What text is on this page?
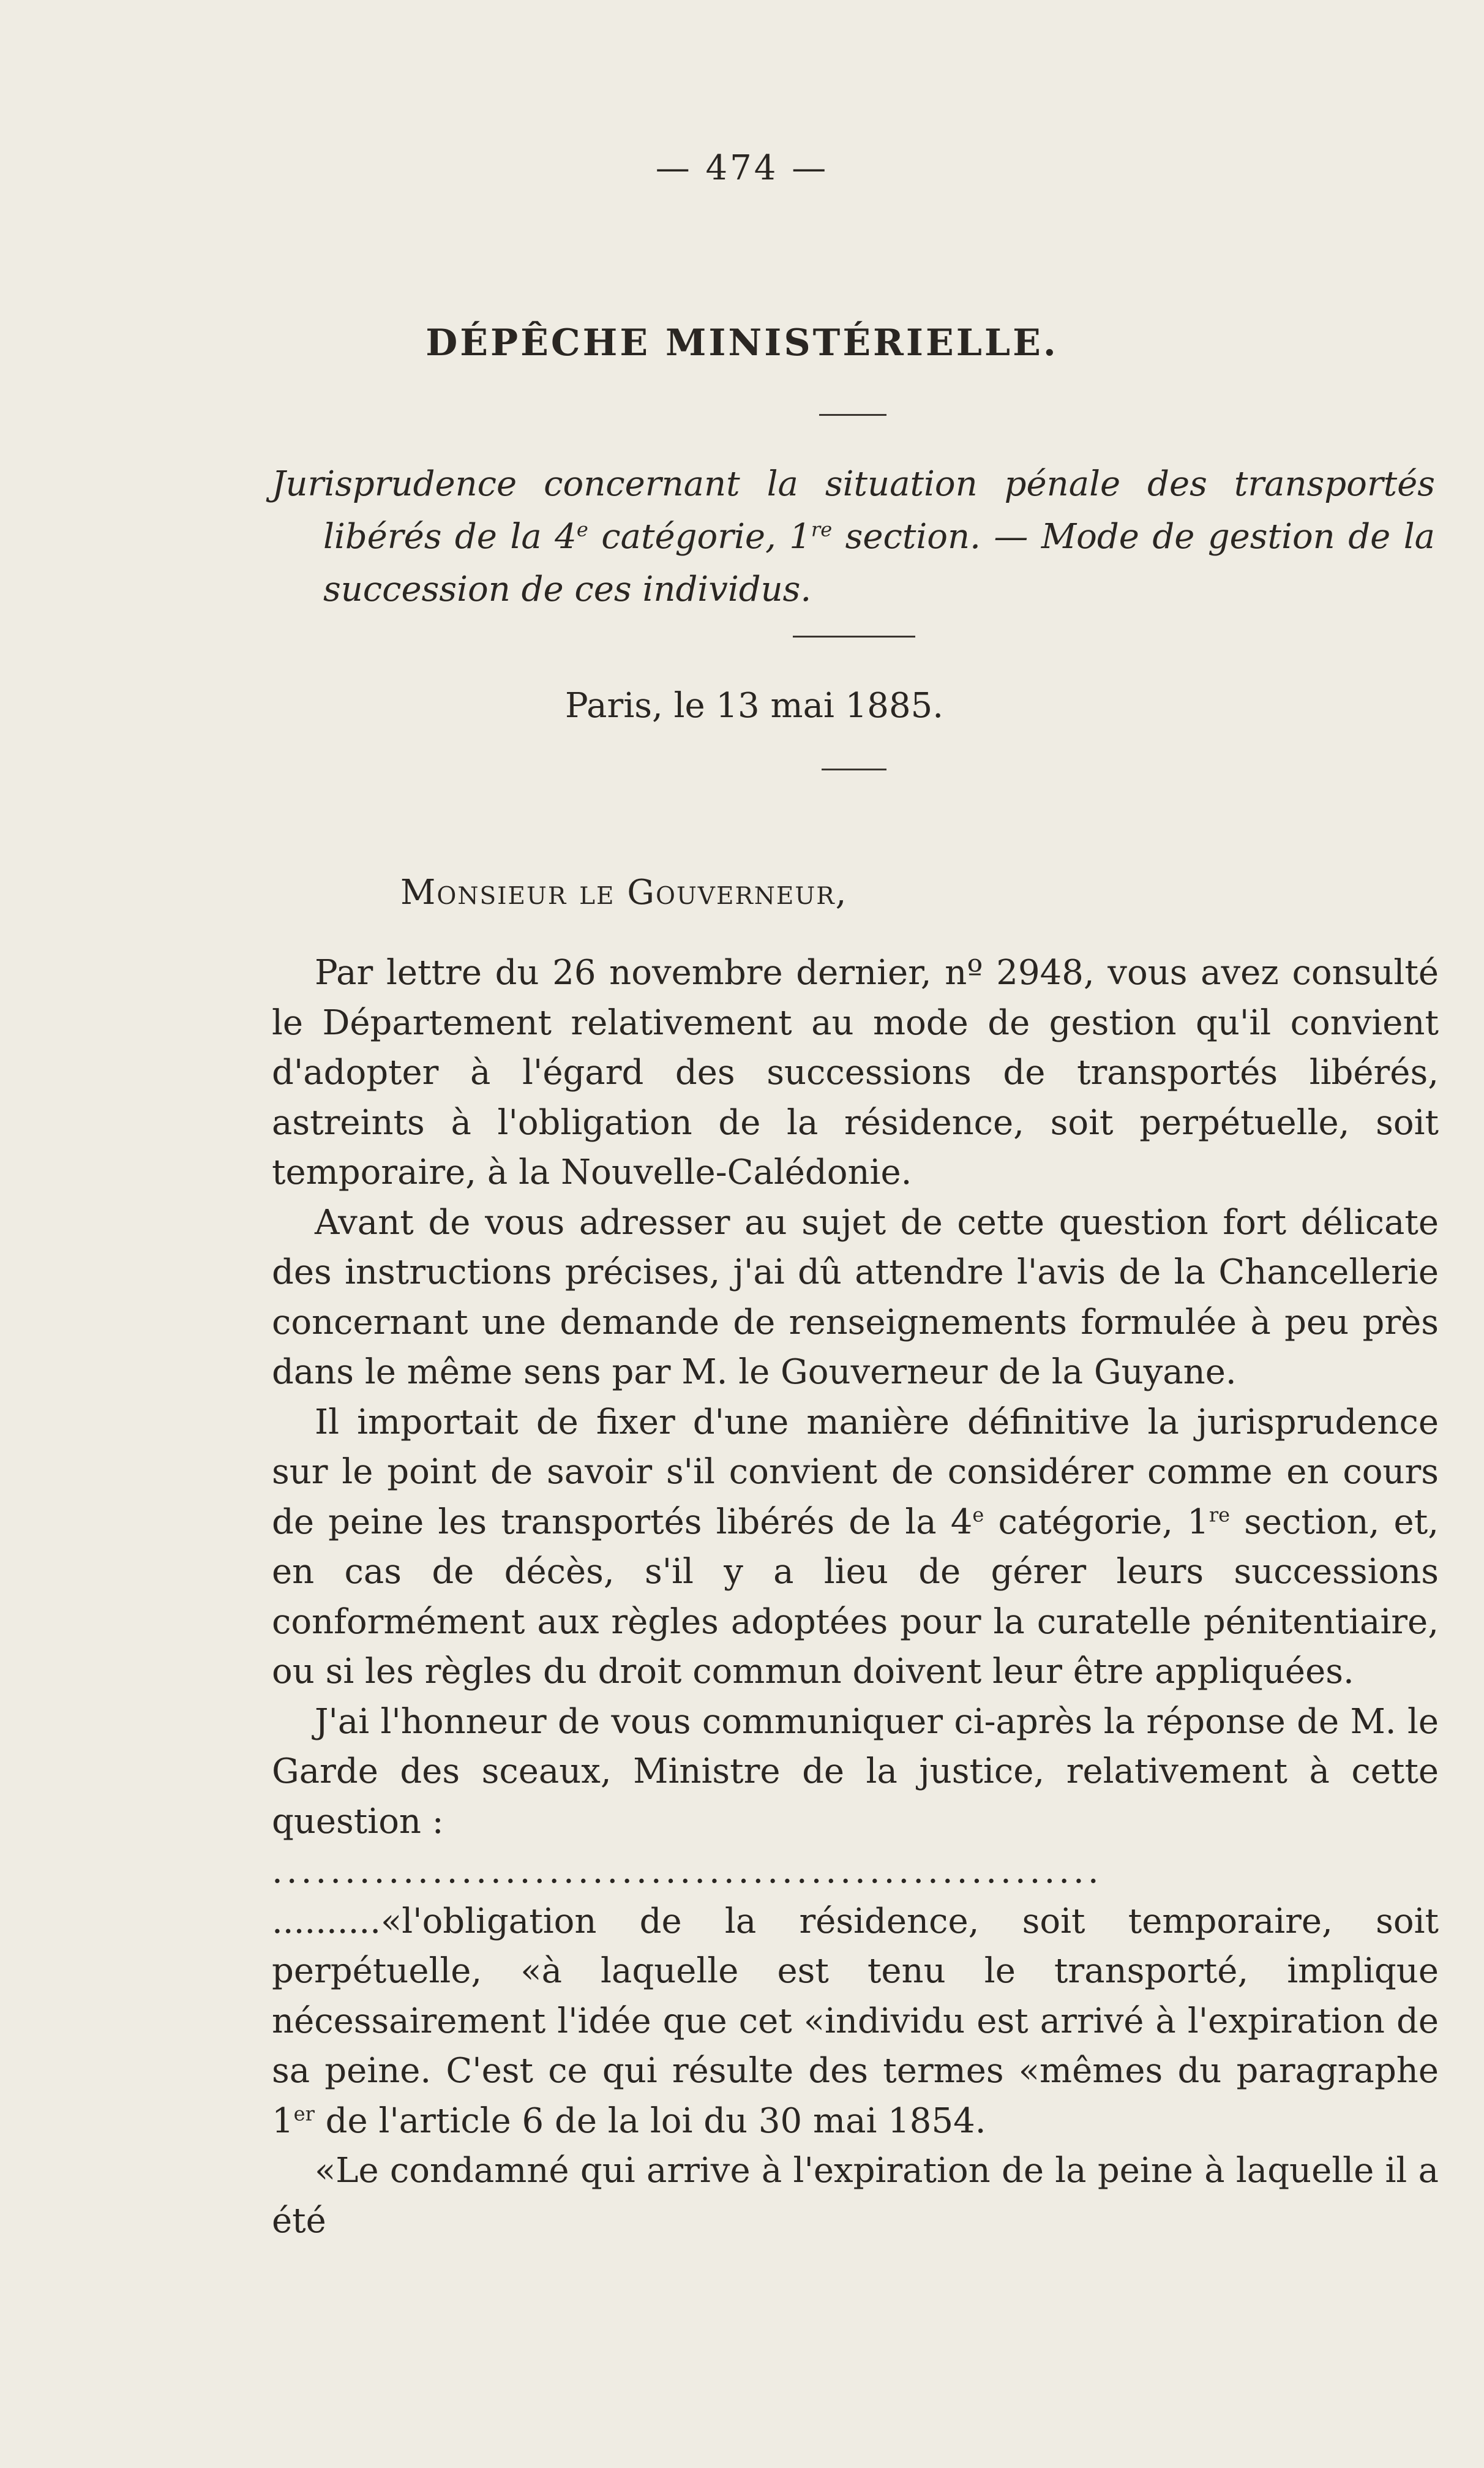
— 474 —
DÉPÊCHE MINISTÉRIELLE.

Jurisprudence concernant la situation pénale des transportés libérés de la 4e catégorie, 1re section. — Mode de gestion de la succession de ces individus.

Paris, le 13 mai 1885.
Monsieur le Gouverneur,

Par lettre du 26 novembre dernier, nº 2948, vous avez consulté le Département relativement au mode de gestion qu'il convient d'adopter à l'égard des successions de transportés libérés, astreints à l'obligation de la résidence, soit perpétuelle, soit temporaire, à la Nouvelle-Calédonie.

Avant de vous adresser au sujet de cette question fort délicate des instructions précises, j'ai dû attendre l'avis de la Chancellerie concernant une demande de renseignements formulée à peu près dans le même sens par M. le Gouverneur de la Guyane.

Il importait de fixer d'une manière définitive la jurisprudence sur le point de savoir s'il convient de considérer comme en cours de peine les transportés libérés de la 4e catégorie, 1re section, et, en cas de décès, s'il y a lieu de gérer leurs successions conformément aux règles adoptées pour la curatelle pénitentiaire, ou si les règles du droit commun doivent leur être appliquées.

J'ai l'honneur de vous communiquer ci-après la réponse de M. le Garde des sceaux, Ministre de la justice, relativement à cette question :

.........................................................

..........«l'obligation de la résidence, soit temporaire, soit perpétuelle, «à laquelle est tenu le transporté, implique nécessairement l'idée que cet «individu est arrivé à l'expiration de sa peine. C'est ce qui résulte des termes «mêmes du paragraphe 1er de l'article 6 de la loi du 30 mai 1854.

«Le condamné qui arrive à l'expiration de la peine à laquelle il a été
